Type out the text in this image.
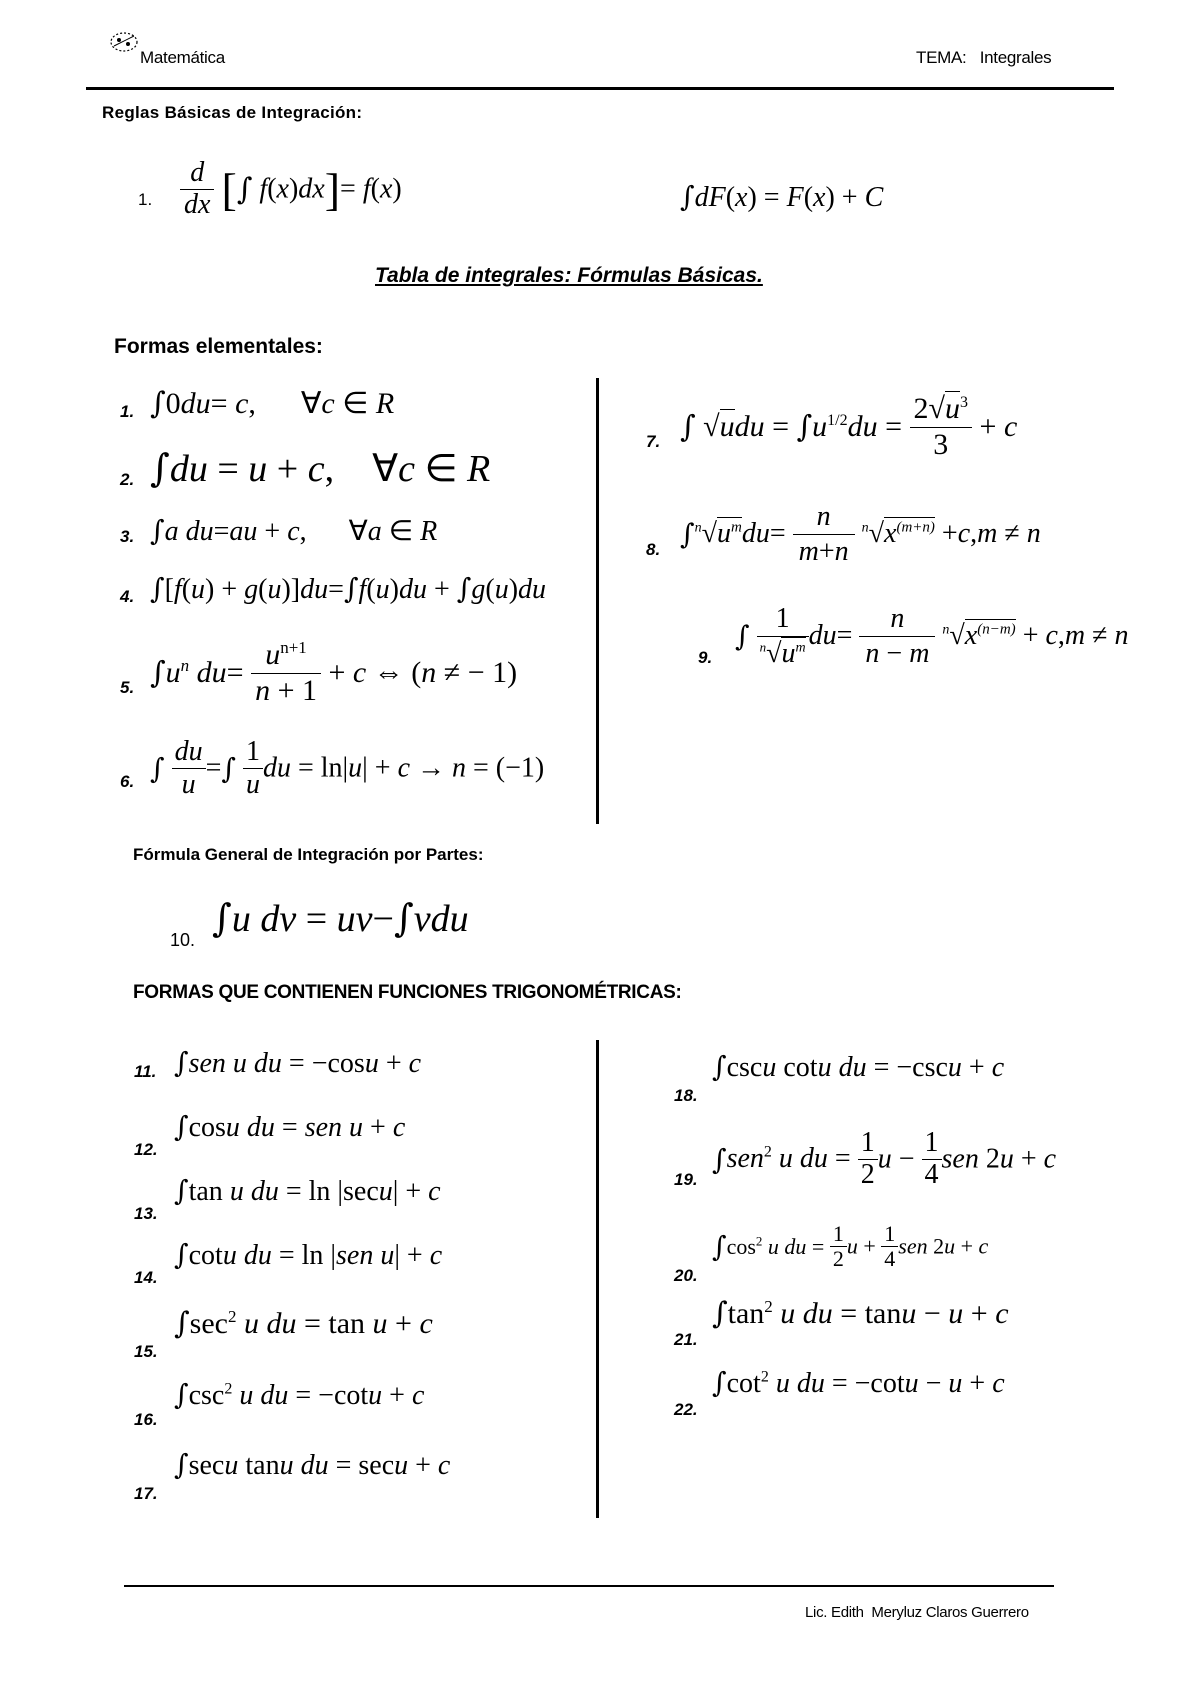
Matemática	TEMA:   Integrales
Reglas Básicas de Integración:
1. $\frac{d}{dx}$ [∫ f(x)dx]= f(x)	∫dF(x) = F(x) + C
Tabla de integrales: Fórmulas Básicas.
Formas elementales:
1. ∫0du= c, ∀c ∈ R
2. ∫du = u + c, ∀c ∈ R
3. ∫a du=au + c, ∀a ∈ R
4. ∫[f(u) + g(u)]du=∫f(u)du + ∫g(u)du
5. $\int u^n$ $du= \frac{u^{n+1}}{n + 1} + c$ ⇔ (n ≠ − 1)
6. ∫ $\frac{du}{u}$ =∫ $\frac{1}{u}$ du = ln|u| + c → n = (−1)
7. ∫ $√udu = \int u^{1/2}du = \frac{2√u^3}{3} + c$
8. $\int^n√u^mdu= \frac{n}{m+n} ^n√x^{(m+n)} +c,m \ne n$
9.
∫ $\frac{1}{^n√u^m} du= \frac{n}{n - m} ^n√x^{(n-m)} + c,m \ne n$
Fórmula General de Integración por Partes:
10. ∫u dv = uv−∫vdu
FORMAS QUE CONTIENEN FUNCIONES TRIGONOMÉTRICAS:
11. ∫sen u du = −cosu + c
12.
∫cosu du = sen u + c
13.
∫tan u du = ln |secu| + c
14.
∫cotu du = ln |sen u| + c
15.
$\int\sec^2$ u du = tan u + c
16.
$\int\csc^2$ u du = −cotu + c
17.
∫secu tanu du = secu + c
18.
∫cscu cotu du = −cscu + c
19.
∫sen$^2$ u du = $\frac{1}{2}$ $u - \frac{1}{4}$ sen 2u + c
20.
$\int\cos^2$ u du = $\frac{1}{2}$ $u + \frac{1}{4}$ sen 2u + c
21.
$\int\tan^2$ u du = tanu − u + c
22.
$\int\cot^2$ u du = −cotu − u + c
Lic. Edith  Meryluz Claros Guerrero
